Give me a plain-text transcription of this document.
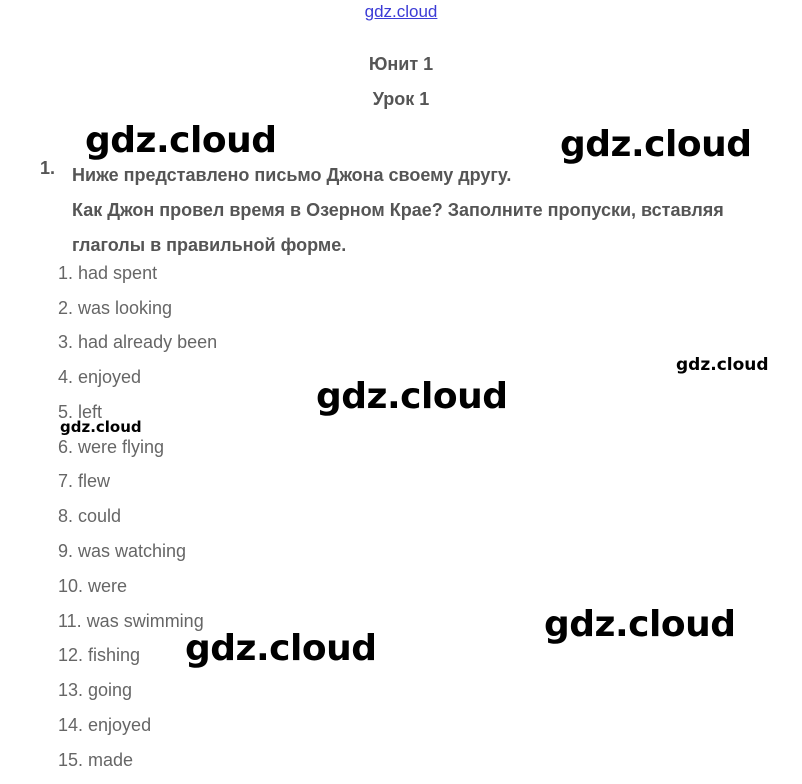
gdz.cloud
Юнит 1
Урок 1
1. Ниже представлено письмо Джона своему другу.
Как Джон провел время в Озерном Крае? Заполните пропуски, вставляя
глаголы в правильной форме.
1. had spent
2. was looking
3. had already been
4. enjoyed
5. left
6. were flying
7. flew
8. could
9. was watching
10. were
11. was swimming
12. fishing
13. going
14. enjoyed
15. made
gdz.cloud	gdz.cloud
gdz.cloud
gdz.cloud
gdz.cloud
gdz.cloud
gdz.cloud
